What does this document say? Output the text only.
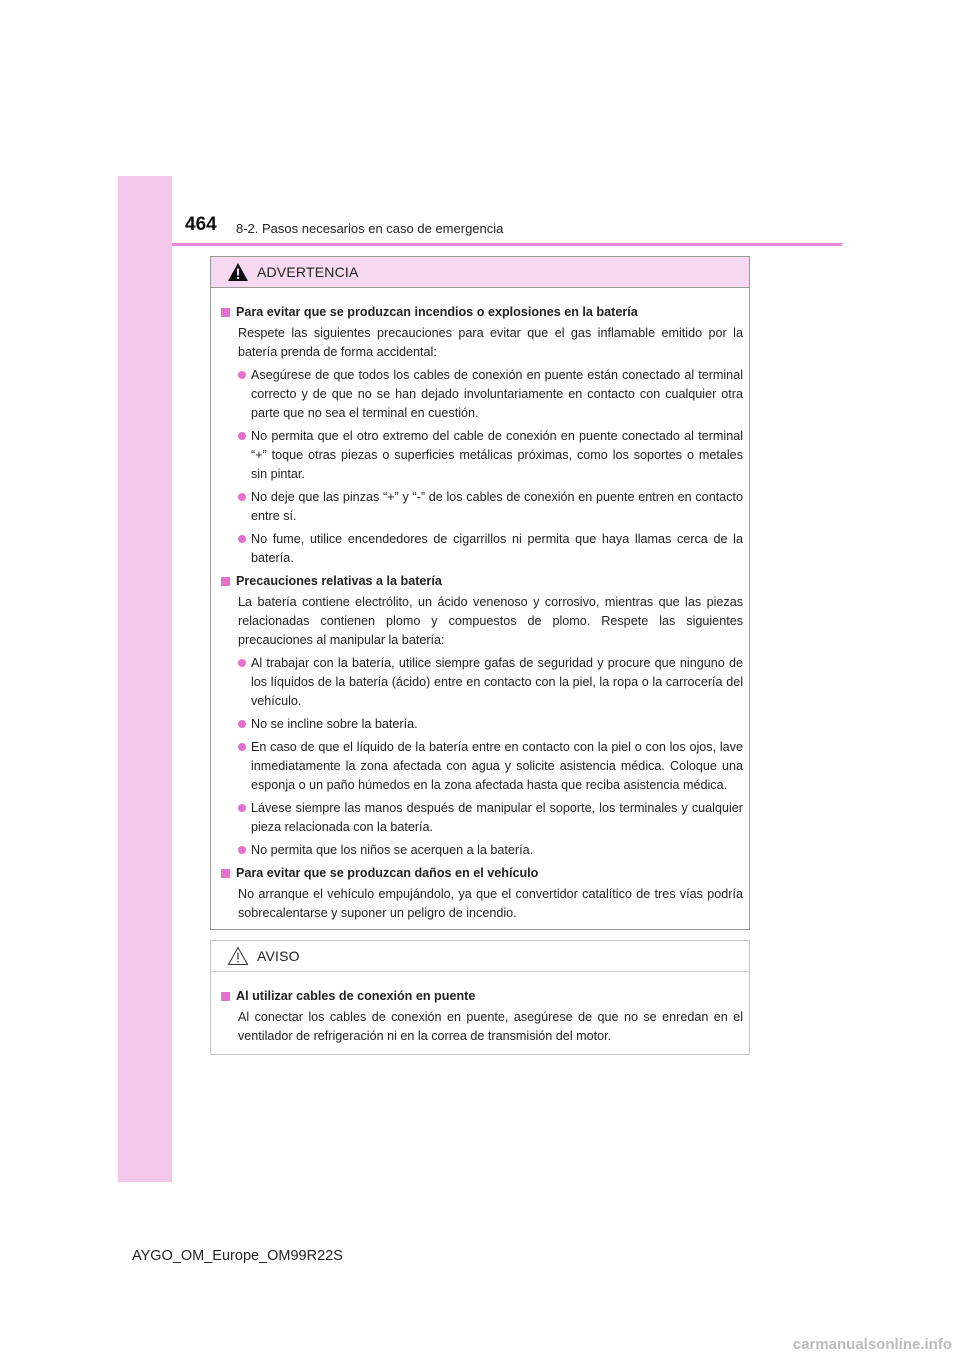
464 8-2. Pasos necesarios en caso de emergencia
ADVERTENCIA
Para evitar que se produzcan incendios o explosiones en la batería
Respete las siguientes precauciones para evitar que el gas inflamable emitido por la batería prenda de forma accidental:
Asegúrese de que todos los cables de conexión en puente están conectado al terminal correcto y de que no se han dejado involuntariamente en contacto con cualquier otra parte que no sea el terminal en cuestión.
No permita que el otro extremo del cable de conexión en puente conectado al terminal “+” toque otras piezas o superficies metálicas próximas, como los soportes o metales sin pintar.
No deje que las pinzas “+” y “-” de los cables de conexión en puente entren en contacto entre sí.
No fume, utilice encendedores de cigarrillos ni permita que haya llamas cerca de la batería.
Precauciones relativas a la batería
La batería contiene electrólito, un ácido venenoso y corrosivo, mientras que las piezas relacionadas contienen plomo y compuestos de plomo. Respete las siguientes precauciones al manipular la batería:
Al trabajar con la batería, utilice siempre gafas de seguridad y procure que ninguno de los líquidos de la batería (ácido) entre en contacto con la piel, la ropa o la carrocería del vehículo.
No se incline sobre la batería.
En caso de que el líquido de la batería entre en contacto con la piel o con los ojos, lave inmediatamente la zona afectada con agua y solicite asistencia médica. Coloque una esponja o un paño húmedos en la zona afectada hasta que reciba asistencia médica.
Lávese siempre las manos después de manipular el soporte, los terminales y cualquier pieza relacionada con la batería.
No permita que los niños se acerquen a la batería.
Para evitar que se produzcan daños en el vehículo
No arranque el vehículo empujándolo, ya que el convertidor catalítico de tres vías podría sobrecalentarse y suponer un peligro de incendio.
AVISO
Al utilizar cables de conexión en puente
Al conectar los cables de conexión en puente, asegúrese de que no se enredan en el ventilador de refrigeración ni en la correa de transmisión del motor.
AYGO_OM_Europe_OM99R22S
carmanualsonline.info
